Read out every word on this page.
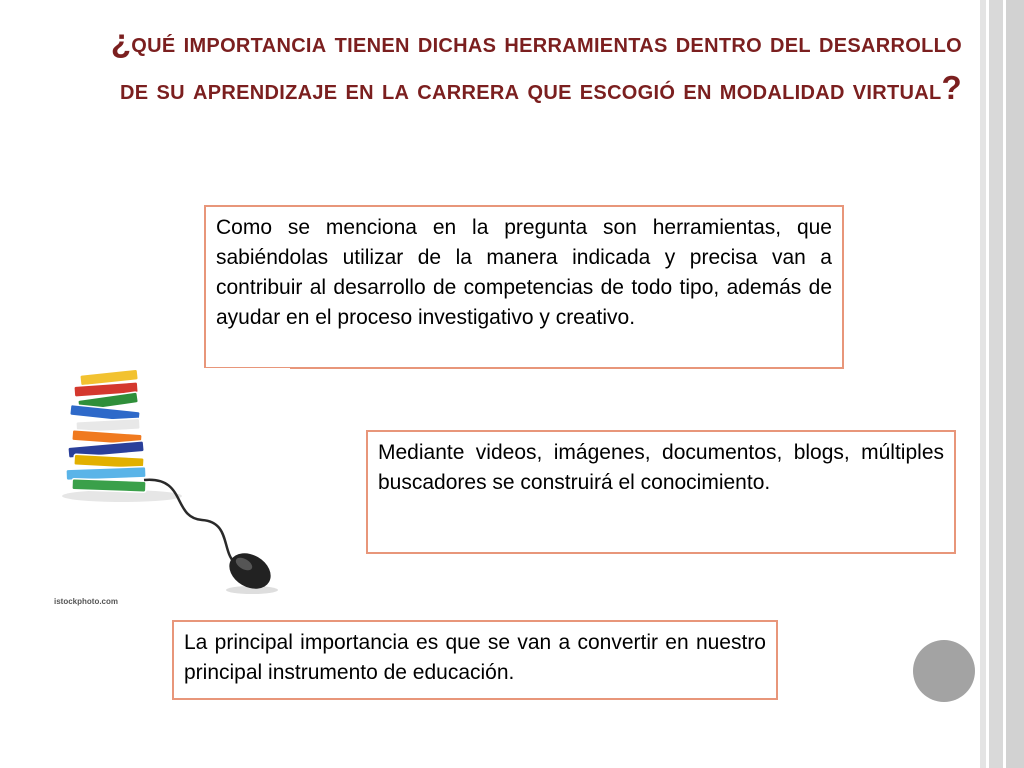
¿qué importancia tienen dichas herramientas dentro del desarrollo de su aprendizaje en la carrera que escogió en modalidad virtual?

Como se menciona en la pregunta son herramientas, que sabiéndolas utilizar de la manera indicada y precisa van a contribuir al desarrollo de competencias de todo tipo, además de ayudar en el proceso investigativo y creativo.

istockphoto.com

Mediante videos, imágenes, documentos, blogs, múltiples buscadores se construirá el conocimiento.

La principal importancia es que se van a convertir en nuestro principal instrumento de educación.
